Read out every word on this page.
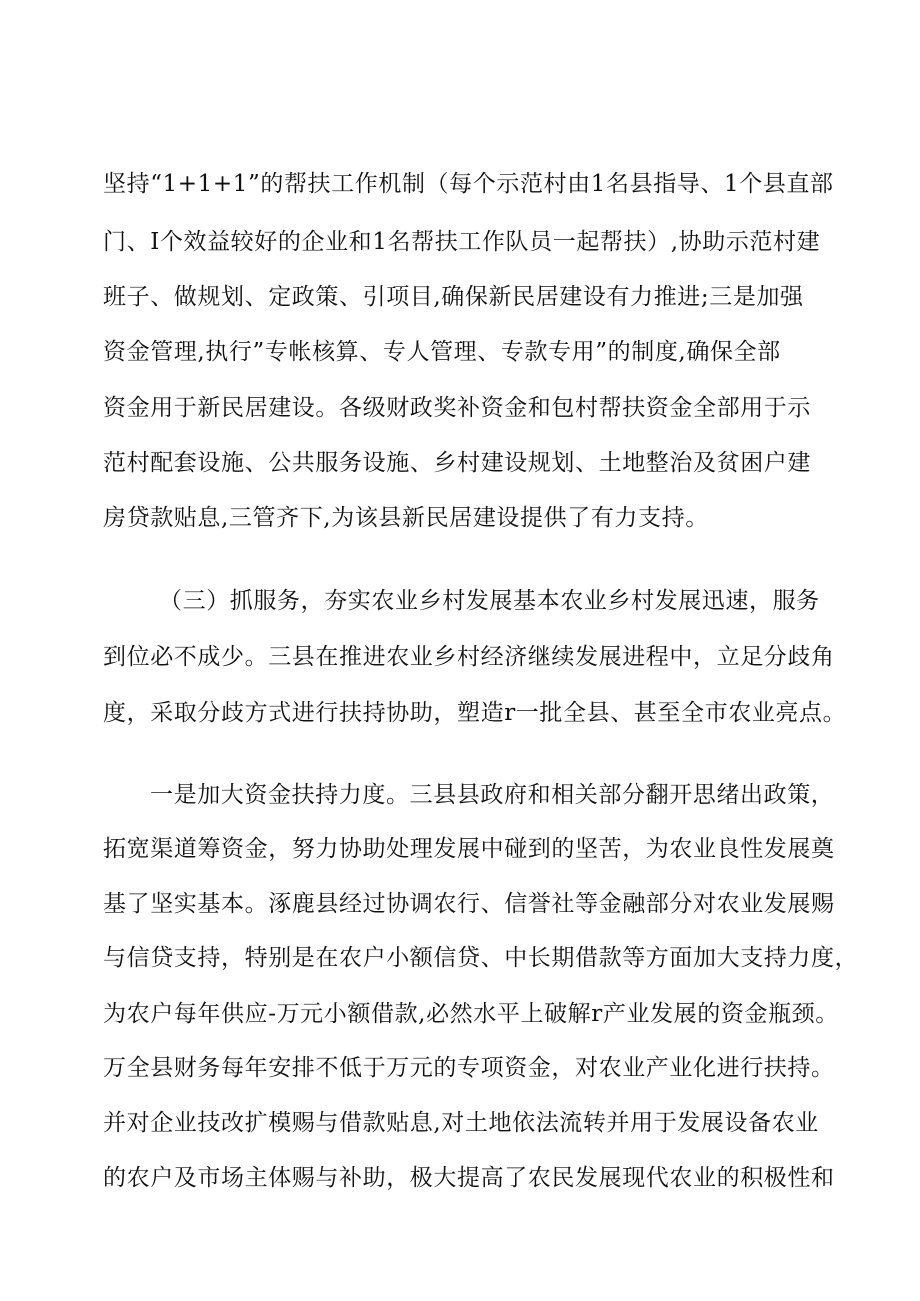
坚持“1+1+1”的帮扶工作机制（每个示范村由1名县指导、1个县直部
门、I个效益较好的企业和1名帮扶工作队员一起帮扶）,协助示范村建
班子、做规划、定政策、引项目,确保新民居建设有力推进;三是加强
资金管理,执行”专帐核算、专人管理、专款专用”的制度,确保全部
资金用于新民居建设。各级财政奖补资金和包村帮扶资金全部用于示
范村配套设施、公共服务设施、乡村建设规划、土地整治及贫困户建
房贷款贴息,三管齐下,为该县新民居建设提供了有力支持。
（三）抓服务，夯实农业乡村发展基本农业乡村发展迅速，服务
到位必不成少。三县在推进农业乡村经济继续发展进程中，立足分歧角
度，采取分歧方式进行扶持协助，塑造r一批全县、甚至全市农业亮点。
一是加大资金扶持力度。三县县政府和相关部分翻开思绪出政策，
拓宽渠道筹资金，努力协助处理发展中碰到的坚苦，为农业良性发展奠
基了坚实基本。涿鹿县经过协调农行、信誉社等金融部分对农业发展赐
与信贷支持，特别是在农户小额信贷、中长期借款等方面加大支持力度，
为农户每年供应-万元小额借款,必然水平上破解r产业发展的资金瓶颈。
万全县财务每年安排不低于万元的专项资金，对农业产业化进行扶持。
并对企业技改扩模赐与借款贴息,对土地依法流转并用于发展设备农业
的农户及市场主体赐与补助，极大提高了农民发展现代农业的积极性和
